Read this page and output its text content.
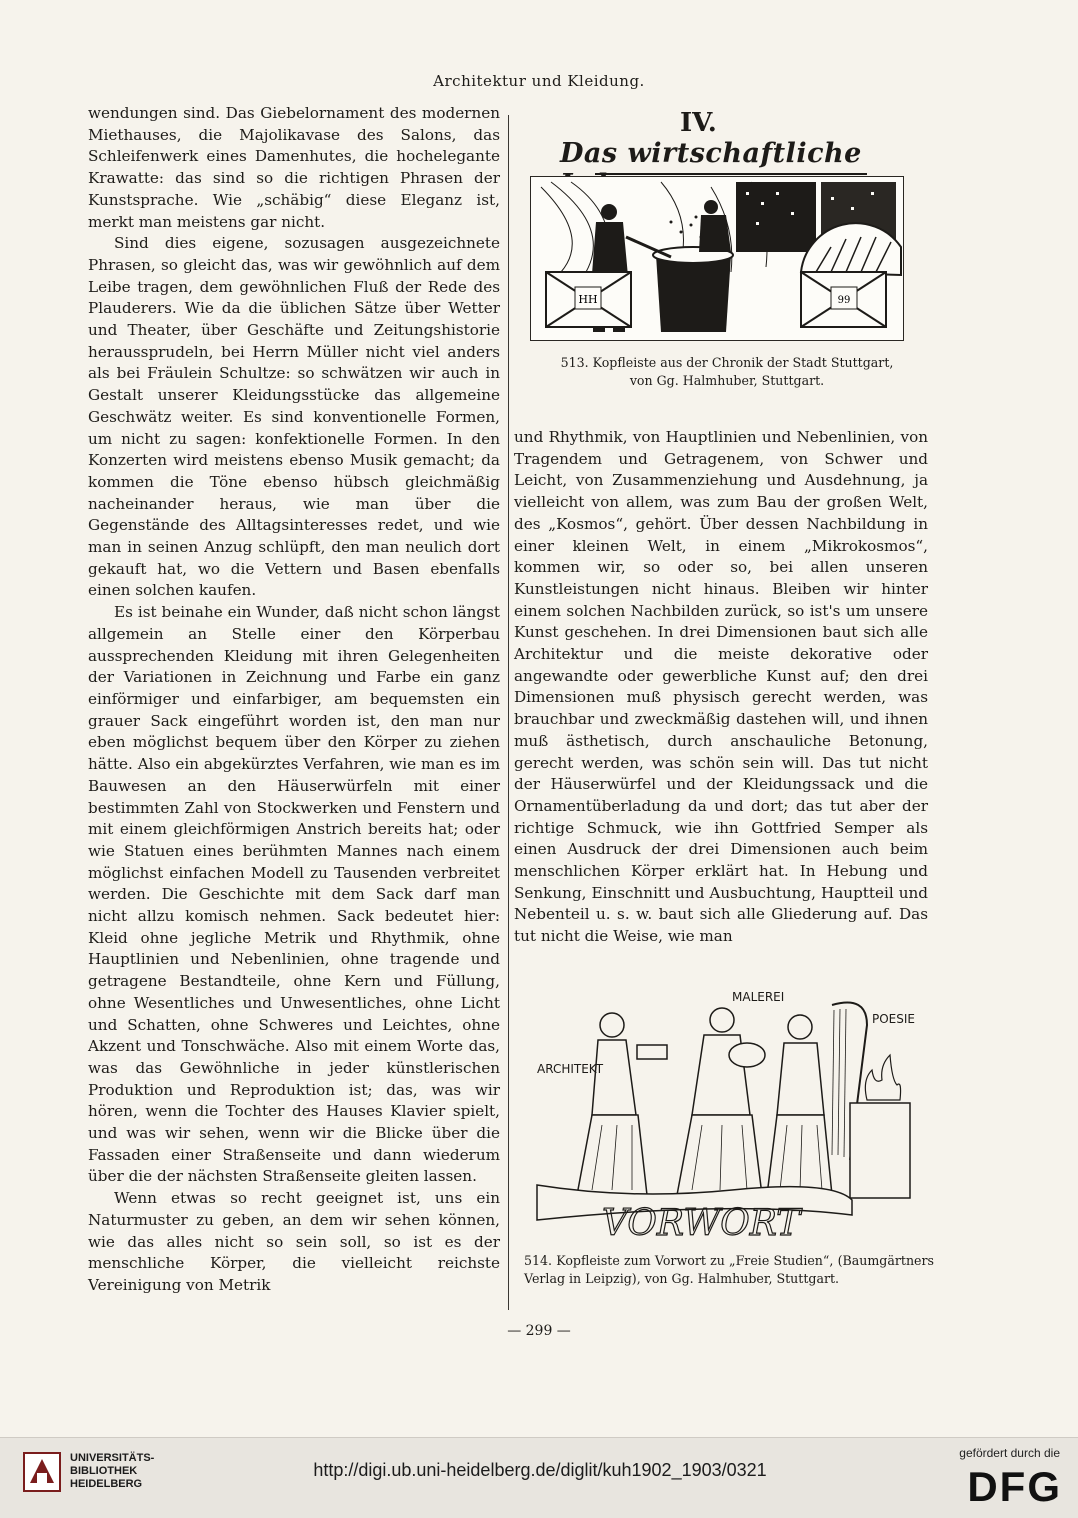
Architektur und Kleidung.

wendungen sind. Das Giebelornament des modernen Miethauses, die Majolikavase des Salons, das Schleifenwerk eines Damenhutes, die hochelegante Krawatte: das sind so die richtigen Phrasen der Kunstsprache. Wie „schäbig“ diese Eleganz ist, merkt man meistens gar nicht.

Sind dies eigene, sozusagen ausgezeichnete Phrasen, so gleicht das, was wir gewöhnlich auf dem Leibe tragen, dem gewöhnlichen Fluß der Rede des Plauderers. Wie da die üblichen Sätze über Wetter und Theater, über Geschäfte und Zeitungshistorie heraussprudeln, bei Herrn Müller nicht viel anders als bei Fräulein Schultze: so schwätzen wir auch in Gestalt unserer Kleidungsstücke das allgemeine Geschwätz weiter. Es sind konventionelle Formen, um nicht zu sagen: konfektionelle Formen. In den Konzerten wird meistens ebenso Musik gemacht; da kommen die Töne ebenso hübsch gleichmäßig nacheinander heraus, wie man über die Gegenstände des Alltagsinteresses redet, und wie man in seinen Anzug schlüpft, den man neulich dort gekauft hat, wo die Vettern und Basen ebenfalls einen solchen kaufen.

Es ist beinahe ein Wunder, daß nicht schon längst allgemein an Stelle einer den Körperbau aussprechenden Kleidung mit ihren Gelegenheiten der Variationen in Zeichnung und Farbe ein ganz einförmiger und einfarbiger, am bequemsten ein grauer Sack eingeführt worden ist, den man nur eben möglichst bequem über den Körper zu ziehen hätte. Also ein abgekürztes Verfahren, wie man es im Bauwesen an den Häuserwürfeln mit einer bestimmten Zahl von Stockwerken und Fenstern und mit einem gleichförmigen Anstrich bereits hat; oder wie Statuen eines berühmten Mannes nach einem möglichst einfachen Modell zu Tausenden verbreitet werden. Die Geschichte mit dem Sack darf man nicht allzu komisch nehmen. Sack bedeutet hier: Kleid ohne jegliche Metrik und Rhythmik, ohne Hauptlinien und Nebenlinien, ohne tragende und getragene Bestandteile, ohne Kern und Füllung, ohne Wesentliches und Unwesentliches, ohne Licht und Schatten, ohne Schweres und Leichtes, ohne Akzent und Tonschwäche. Also mit einem Worte das, was das Gewöhnliche in jeder künstlerischen Produktion und Reproduktion ist; das, was wir hören, wenn die Tochter des Hauses Klavier spielt, und was wir sehen, wenn wir die Blicke über die Fassaden einer Straßenseite und dann wiederum über die der nächsten Straßenseite gleiten lassen.

Wenn etwas so recht geeignet ist, uns ein Naturmuster zu geben, an dem wir sehen können, wie das alles nicht so sein soll, so ist es der menschliche Körper, die vielleicht reichste Vereinigung von Metrik

IV.
Das wirtschaftliche
HH	99
513. Kopfleiste aus der Chronik der Stadt Stuttgart, von Gg. Halmhuber, Stuttgart.

und Rhythmik, von Hauptlinien und Nebenlinien, von Tragendem und Getragenem, von Schwer und Leicht, von Zusammenziehung und Ausdehnung, ja vielleicht von allem, was zum Bau der großen Welt, des „Kosmos“, gehört. Über dessen Nachbildung in einer kleinen Welt, in einem „Mikrokosmos“, kommen wir, so oder so, bei allen unseren Kunstleistungen nicht hinaus. Bleiben wir hinter einem solchen Nachbilden zurück, so ist's um unsere Kunst geschehen. In drei Dimensionen baut sich alle Architektur und die meiste dekorative oder angewandte oder gewerbliche Kunst auf; den drei Dimensionen muß physisch gerecht werden, was brauchbar und zweckmäßig dastehen will, und ihnen muß ästhetisch, durch anschauliche Betonung, gerecht werden, was schön sein will. Das tut nicht der Häuserwürfel und der Kleidungssack und die Ornamentüberladung da und dort; das tut aber der richtige Schmuck, wie ihn Gottfried Semper als einen Ausdruck der drei Dimensionen auch beim menschlichen Körper erklärt hat. In Hebung und Senkung, Einschnitt und Ausbuchtung, Hauptteil und Nebenteil u. s. w. baut sich alle Gliederung auf. Das tut nicht die Weise, wie man

ARCHITEKT
MALEREI
POESIE
VORWORT
514. Kopfleiste zum Vorwort zu „Freie Studien“, (Baumgärtners Verlag in Leipzig), von Gg. Halmhuber, Stuttgart.
— 299 —
UNIVERSITÄTS-
BIBLIOTHEK
HEIDELBERG
http://digi.ub.uni-heidelberg.de/diglit/kuh1902_1903/0321
gefördert durch die
DFG
